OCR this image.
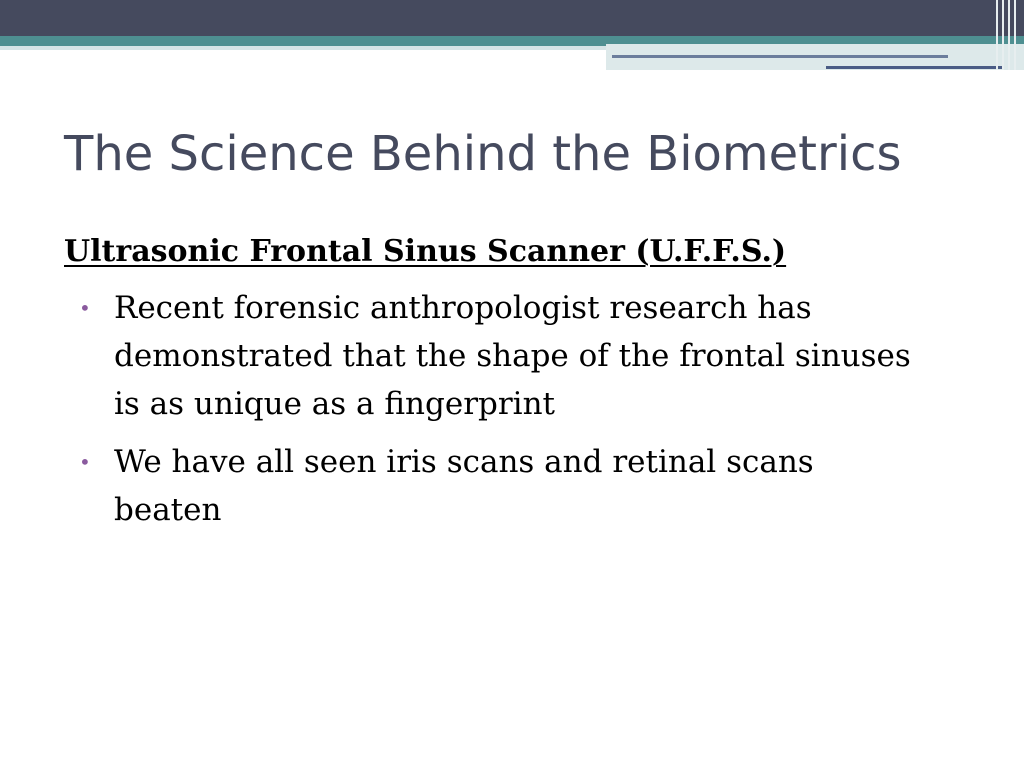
The Science Behind the Biometrics
Ultrasonic Frontal Sinus Scanner (U.F.F.S.)
• Recent forensic anthropologist research has demonstrated that the shape of the frontal sinuses is as unique as a fingerprint
• We have all seen iris scans and retinal scans beaten
